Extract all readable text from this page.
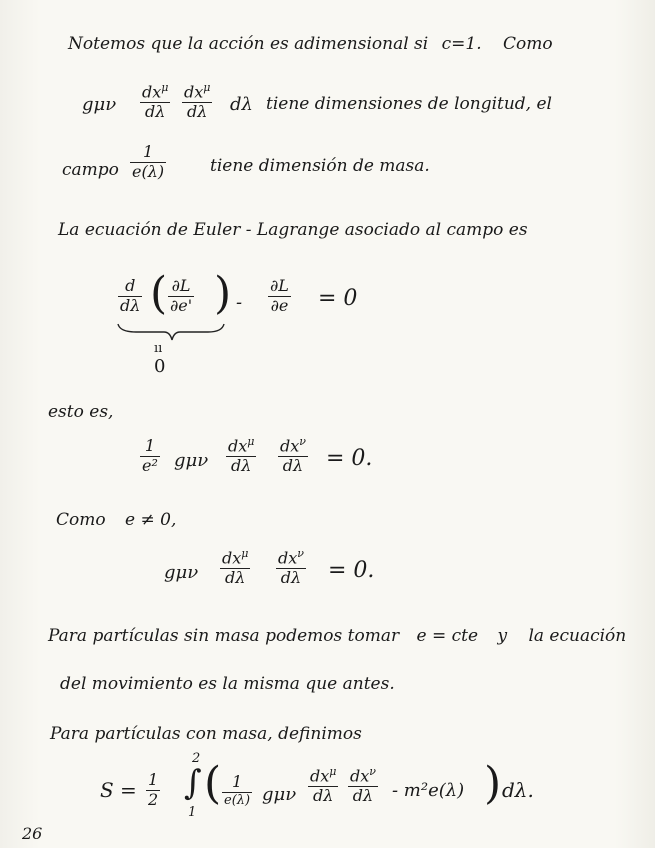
Notemos que la acción es adimensional si c=1. Como
gμν
$dx^\mu$
dλ
$dx^\mu$
dλ dλ tiene dimensiones de longitud, el
campo
1
e(λ)	tiene dimensión de masa.
La ecuación de Euler - Lagrange asociado al campo es
d
dλ ( ∂L
∂e' ) -
∂L
∂e = 0
ıı
0
esto es,
1
e² gμν
$dx^\mu$
dλ
$dx^\nu$
dλ = 0.
Como e ≠ 0,
gμν
$dx^\mu$
dλ
$dx^\nu$
dλ = 0.
Para partículas sin masa podemos tomar e = cte y la ecuación
del movimiento es la misma que antes.
Para partículas con masa, definimos
S = 1
2
2
∫
1
( 1
e(λ) gμν
$dx^\mu$
dλ
$dx^\nu$
dλ - m²e(λ) ) dλ.
26
